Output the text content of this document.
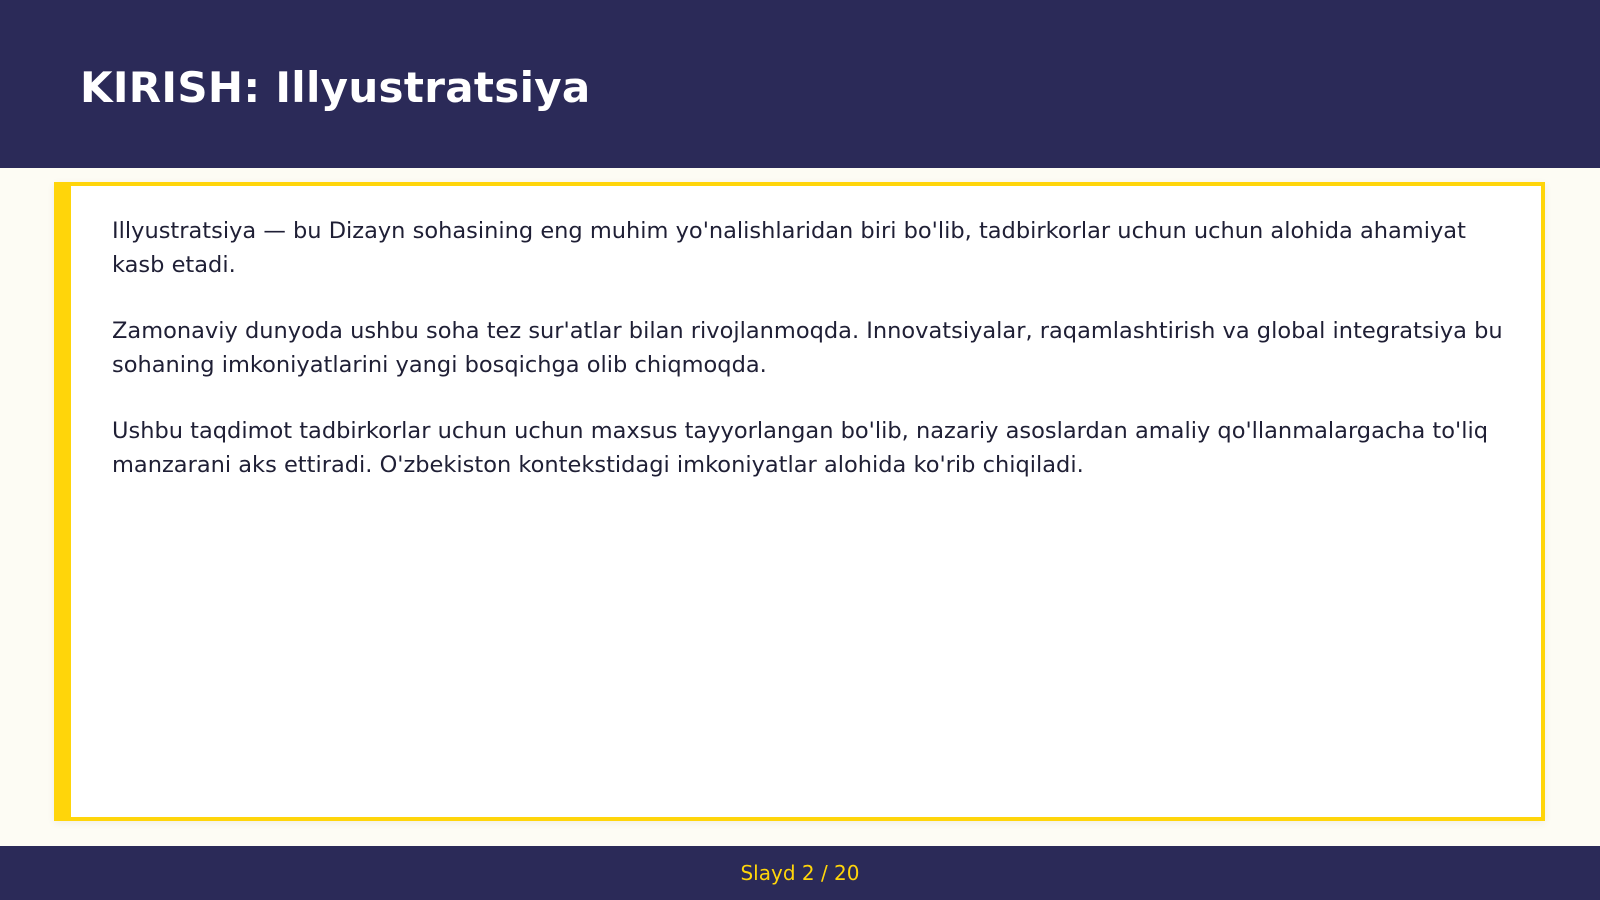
KIRISH: Illyustratsiya

Illyustratsiya — bu Dizayn sohasining eng muhim yo'nalishlaridan biri bo'lib, tadbirkorlar uchun uchun alohida ahamiyat kasb etadi.

Zamonaviy dunyoda ushbu soha tez sur'atlar bilan rivojlanmoqda. Innovatsiyalar, raqamlashtirish va global integratsiya bu sohaning imkoniyatlarini yangi bosqichga olib chiqmoqda.

Ushbu taqdimot tadbirkorlar uchun uchun maxsus tayyorlangan bo'lib, nazariy asoslardan amaliy qo'llanmalargacha to'liq manzarani aks ettiradi. O'zbekiston kontekstidagi imkoniyatlar alohida ko'rib chiqiladi.

Slayd 2 / 20
